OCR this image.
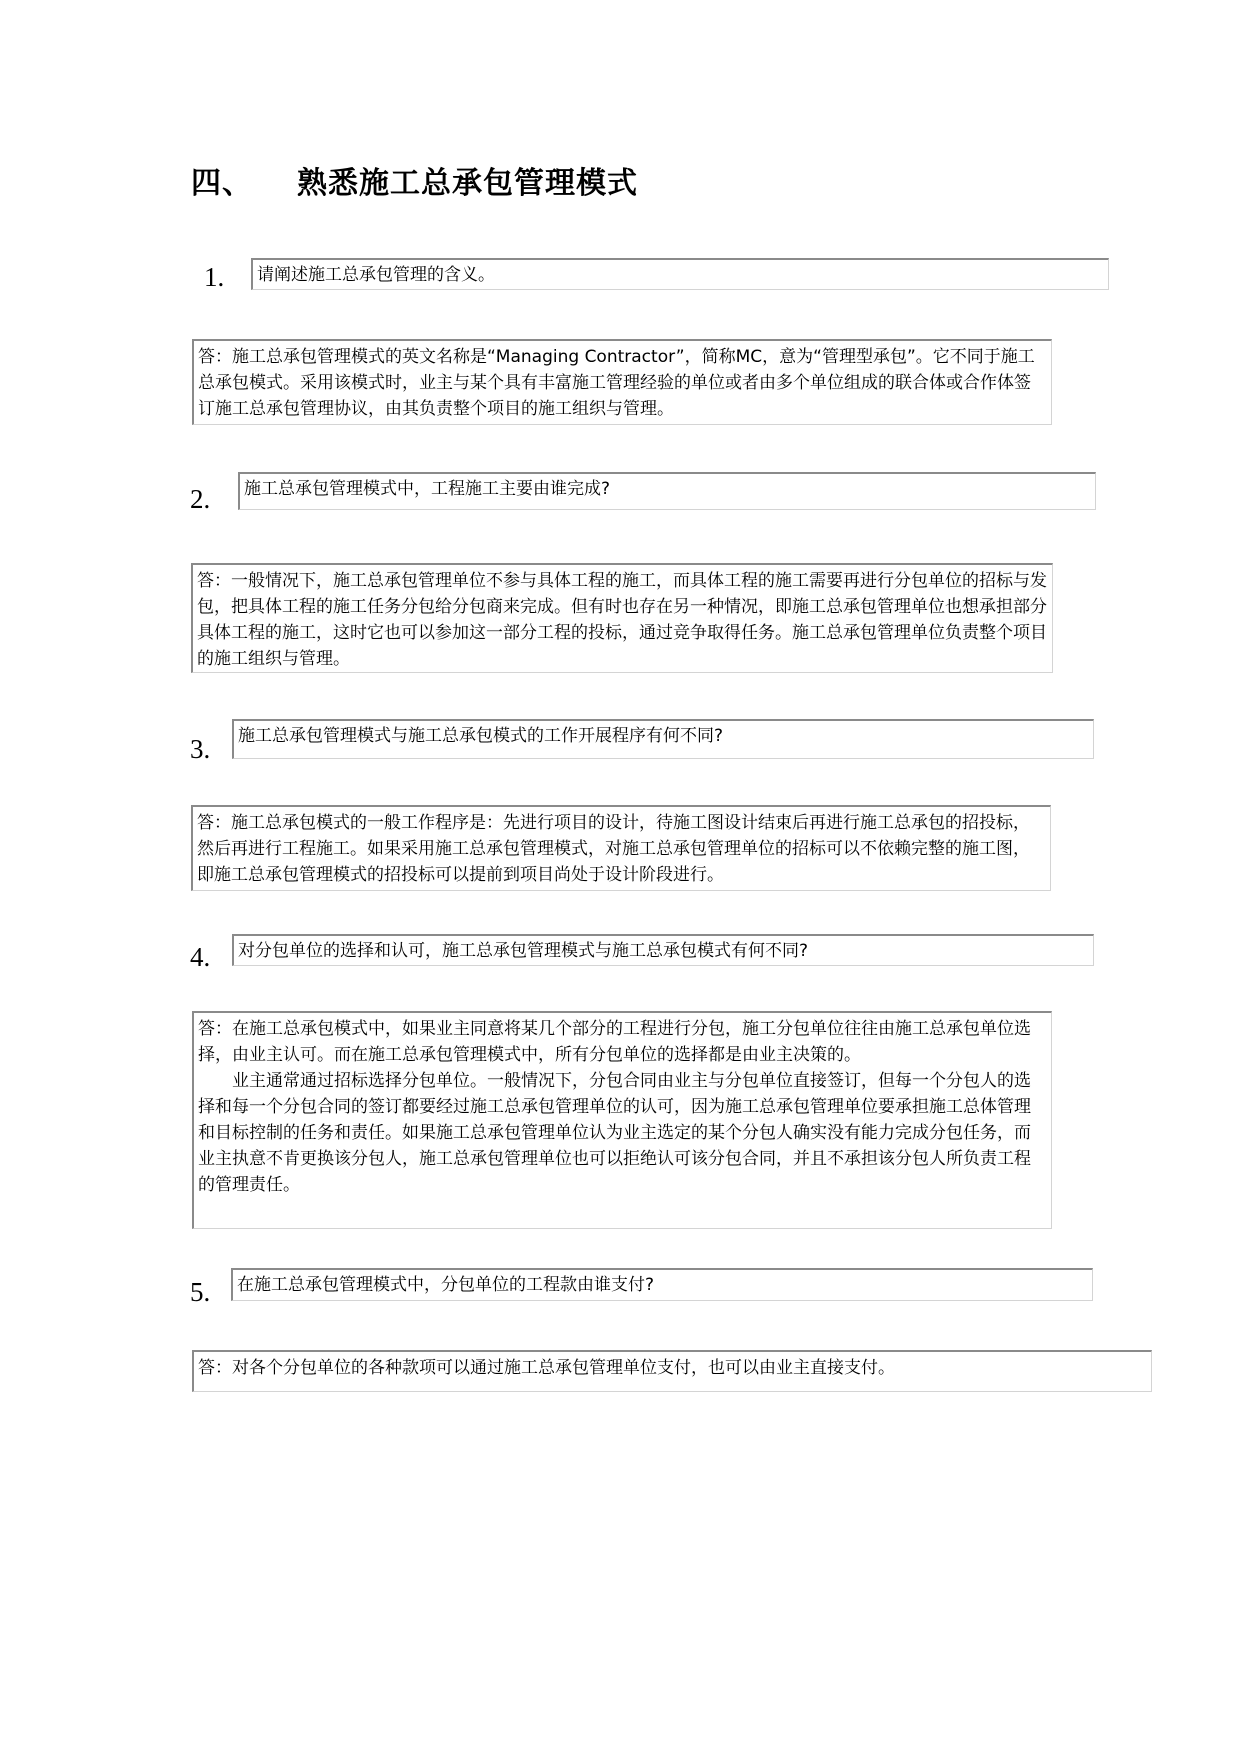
四、 熟悉施工总承包管理模式
1. 请阐述施工总承包管理的含义。

答：施工总承包管理模式的英文名称是“Managing Contractor”，简称MC，意为“管理型承包”。它不同于施工总承包模式。采用该模式时，业主与某个具有丰富施工管理经验的单位或者由多个单位组成的联合体或合作体签订施工总承包管理协议，由其负责整个项目的施工组织与管理。

2. 施工总承包管理模式中，工程施工主要由谁完成?

答：一般情况下，施工总承包管理单位不参与具体工程的施工，而具体工程的施工需要再进行分包单位的招标与发包，把具体工程的施工任务分包给分包商来完成。但有时也存在另一种情况，即施工总承包管理单位也想承担部分具体工程的施工，这时它也可以参加这一部分工程的投标，通过竞争取得任务。施工总承包管理单位负责整个项目的施工组织与管理。

3. 施工总承包管理模式与施工总承包模式的工作开展程序有何不同?

答：施工总承包模式的一般工作程序是：先进行项目的设计，待施工图设计结束后再进行施工总承包的招投标，然后再进行工程施工。如果采用施工总承包管理模式，对施工总承包管理单位的招标可以不依赖完整的施工图，即施工总承包管理模式的招投标可以提前到项目尚处于设计阶段进行。

4. 对分包单位的选择和认可，施工总承包管理模式与施工总承包模式有何不同?

答：在施工总承包模式中，如果业主同意将某几个部分的工程进行分包，施工分包单位往往由施工总承包单位选择，由业主认可。而在施工总承包管理模式中，所有分包单位的选择都是由业主决策的。

业主通常通过招标选择分包单位。一般情况下，分包合同由业主与分包单位直接签订，但每一个分包人的选择和每一个分包合同的签订都要经过施工总承包管理单位的认可，因为施工总承包管理单位要承担施工总体管理和目标控制的任务和责任。如果施工总承包管理单位认为业主选定的某个分包人确实没有能力完成分包任务，而业主执意不肯更换该分包人，施工总承包管理单位也可以拒绝认可该分包合同，并且不承担该分包人所负责工程的管理责任。

5. 在施工总承包管理模式中，分包单位的工程款由谁支付?

答：对各个分包单位的各种款项可以通过施工总承包管理单位支付，也可以由业主直接支付。
